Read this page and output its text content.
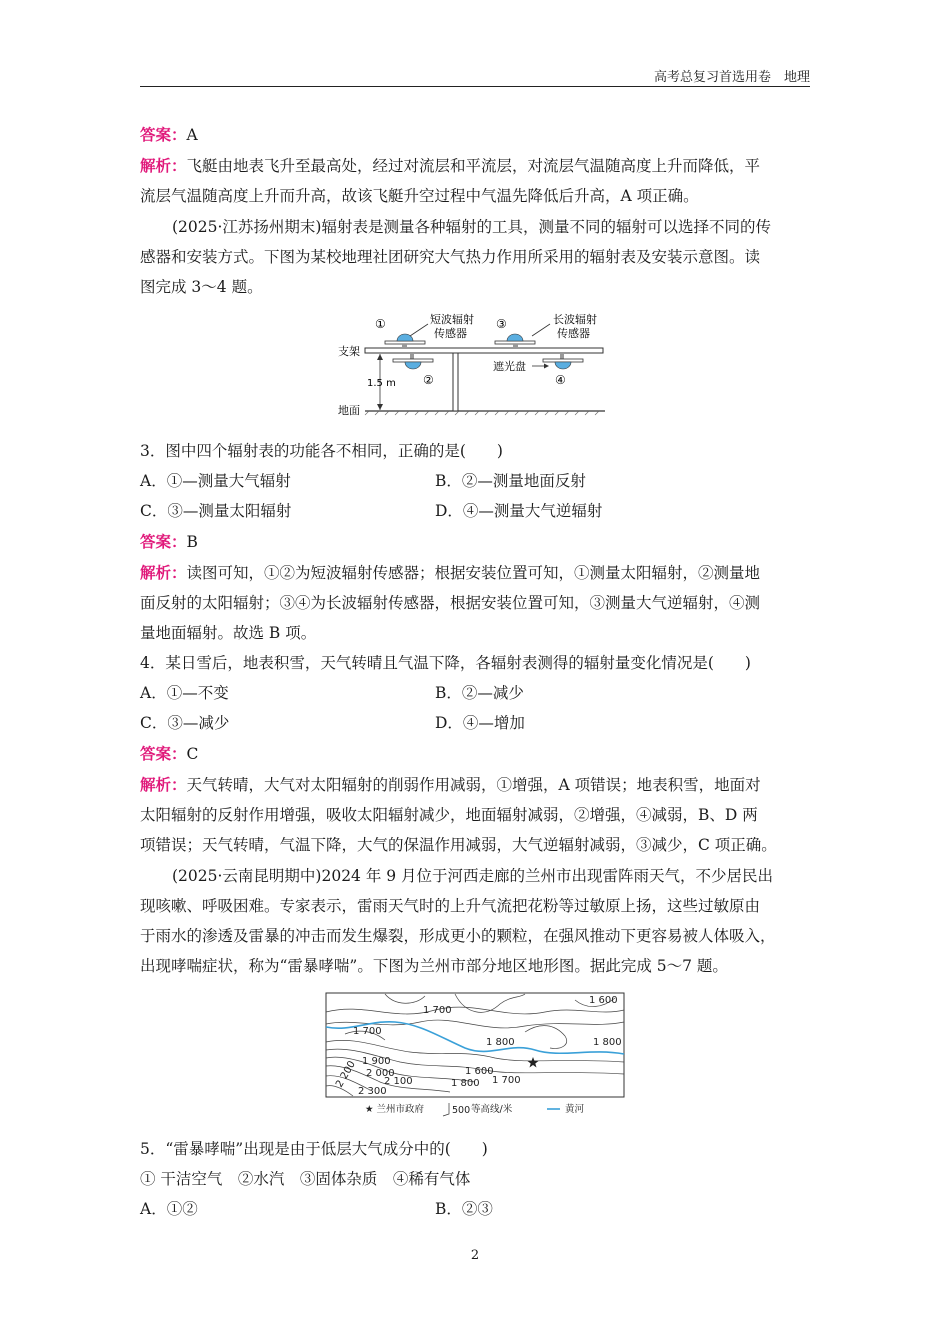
高考总复习首选用卷　地理
答案：A
解析：飞艇由地表飞升至最高处，经过对流层和平流层，对流层气温随高度上升而降低，平
流层气温随高度上升而升高，故该飞艇升空过程中气温先降低后升高，A 项正确。
(2025·江苏扬州期末)辐射表是测量各种辐射的工具，测量不同的辐射可以选择不同的传
感器和安装方式。下图为某校地理社团研究大气热力作用所采用的辐射表及安装示意图。读
图完成 3～4 题。
①
②
③
④
短波辐射
传感器
长波辐射
传感器
支架
1.5 m
地面
遮光盘
3．图中四个辐射表的功能各不相同，正确的是(　　)
A．①—测量大气辐射	B．②—测量地面反射
C．③—测量太阳辐射	D．④—测量大气逆辐射
答案：B
解析：读图可知，①②为短波辐射传感器；根据安装位置可知，①测量太阳辐射，②测量地
面反射的太阳辐射；③④为长波辐射传感器，根据安装位置可知，③测量大气逆辐射，④测
量地面辐射。故选 B 项。
4．某日雪后，地表积雪，天气转晴且气温下降，各辐射表测得的辐射量变化情况是(　　)
A．①—不变	B．②—减少
C．③—减少	D．④—增加
答案：C
解析：天气转晴，大气对太阳辐射的削弱作用减弱，①增强，A 项错误；地表积雪，地面对
太阳辐射的反射作用增强，吸收太阳辐射减少，地面辐射减弱，②增强，④减弱，B、D 两
项错误；天气转晴，气温下降，大气的保温作用减弱，大气逆辐射减弱，③减少，C 项正确。
(2025·云南昆明期中)2024 年 9 月位于河西走廊的兰州市出现雷阵雨天气，不少居民出
现咳嗽、呼吸困难。专家表示，雷雨天气时的上升气流把花粉等过敏原上扬，这些过敏原由
于雨水的渗透及雷暴的冲击而发生爆裂，形成更小的颗粒，在强风推动下更容易被人体吸入，
出现哮喘症状，称为“雷暴哮喘”。下图为兰州市部分地区地形图。据此完成 5～7 题。
1 600
1 700
1 700
1 800	1 800
1 900
2 000
2 100
2 200
2 300
1 600
1 800 1 700
★ 兰州市政府	500 等高线/米	黄河
5．“雷暴哮喘”出现是由于低层大气成分中的(　　)
① 干洁空气　②水汽　③固体杂质　④稀有气体
A．①②	B．②③
2
